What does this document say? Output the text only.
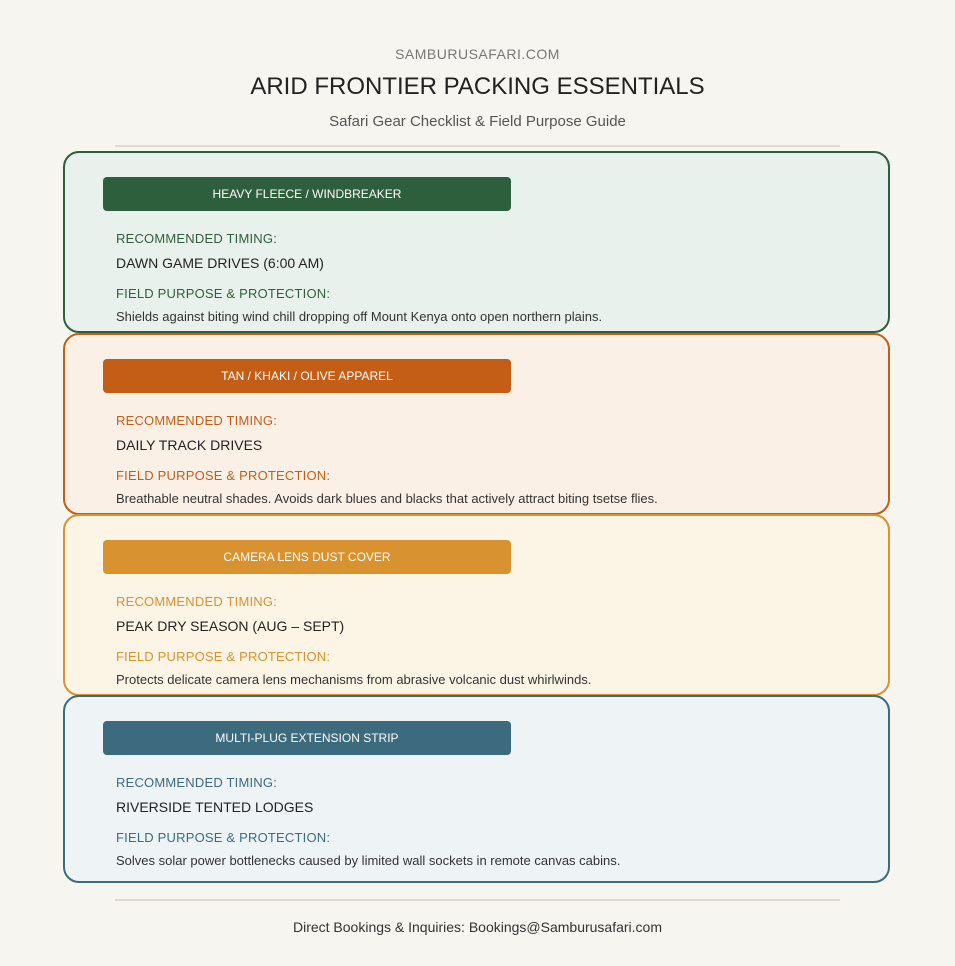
SAMBURUSAFARI.COM
ARID FRONTIER PACKING ESSENTIALS
Safari Gear Checklist & Field Purpose Guide
HEAVY FLEECE / WINDBREAKER
RECOMMENDED TIMING:
DAWN GAME DRIVES (6:00 AM)
FIELD PURPOSE & PROTECTION:
Shields against biting wind chill dropping off Mount Kenya onto open northern plains.
TAN / KHAKI / OLIVE APPAREL
RECOMMENDED TIMING:
DAILY TRACK DRIVES
FIELD PURPOSE & PROTECTION:
Breathable neutral shades. Avoids dark blues and blacks that actively attract biting tsetse flies.
CAMERA LENS DUST COVER
RECOMMENDED TIMING:
PEAK DRY SEASON (AUG – SEPT)
FIELD PURPOSE & PROTECTION:
Protects delicate camera lens mechanisms from abrasive volcanic dust whirlwinds.
MULTI-PLUG EXTENSION STRIP
RECOMMENDED TIMING:
RIVERSIDE TENTED LODGES
FIELD PURPOSE & PROTECTION:
Solves solar power bottlenecks caused by limited wall sockets in remote canvas cabins.
Direct Bookings & Inquiries: Bookings@Samburusafari.com
